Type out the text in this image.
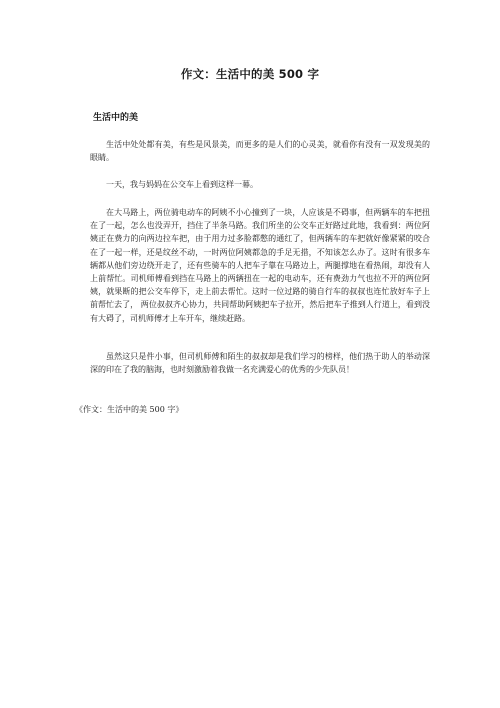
作文：生活中的美 500 字
生活中的美

生活中处处都有美，有些是风景美，而更多的是人们的心灵美，就看你有没有一双发现美的眼睛。

一天，我与妈妈在公交车上看到这样一幕。

在大马路上，两位骑电动车的阿姨不小心撞到了一块，人应该是不碍事，但两辆车的车把扭在了一起，怎么也没弄开，挡住了半条马路。我们所坐的公交车正好路过此地，我看到：两位阿姨正在费力的向两边拉车把，由于用力过多脸都憋的通红了，但两辆车的车把就好像紧紧的咬合在了一起一样，还是纹丝不动，一时两位阿姨都急的手足无措，不知该怎么办了。这时有很多车辆都从他们旁边绕开走了，还有些骑车的人把车子靠在马路边上，两腿撑地在看热闹，却没有人上前帮忙。司机师傅看到挡在马路上的两辆扭在一起的电动车，还有费劲力气也拉不开的两位阿姨，就果断的把公交车停下，走上前去帮忙。这时一位过路的骑自行车的叔叔也连忙放好车子上前帮忙去了， 两位叔叔齐心协力，共同帮助阿姨把车子拉开，然后把车子推到人行道上，看到没有大碍了，司机师傅才上车开车，继续赶路。

虽然这只是件小事，但司机师傅和陌生的叔叔却是我们学习的榜样，他们热于助人的举动深深的印在了我的脑海，也时刻激励着我做一名充满爱心的优秀的少先队员！

《作文：生活中的美 500 字》
